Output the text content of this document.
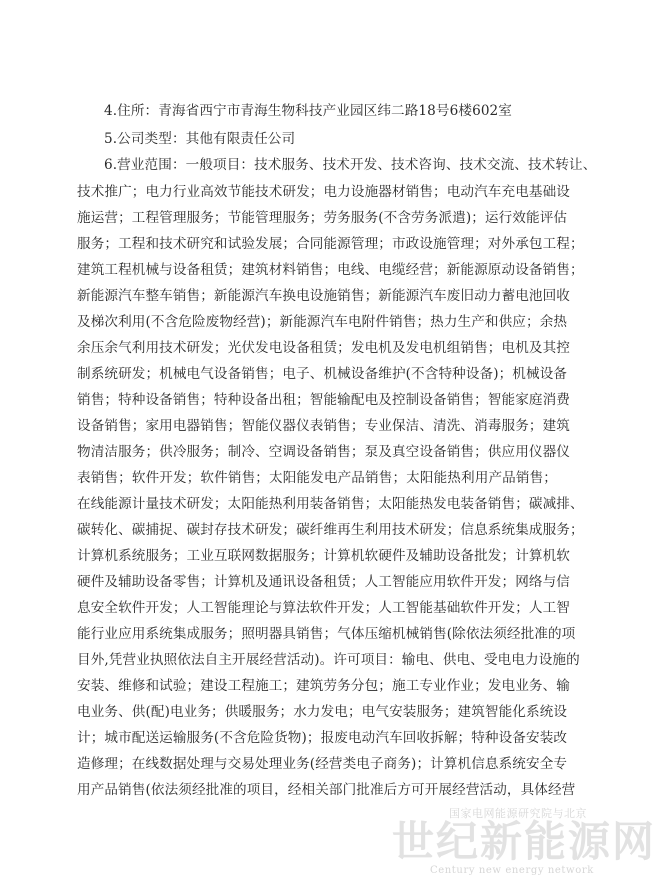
4.住所：青海省西宁市青海生物科技产业园区纬二路18号6楼602室
5.公司类型：其他有限责任公司
6.营业范围：一般项目：技术服务、技术开发、技术咨询、技术交流、技术转让、
技术推广；电力行业高效节能技术研发；电力设施器材销售；电动汽车充电基础设
施运营；工程管理服务；节能管理服务；劳务服务(不含劳务派遣)；运行效能评估
服务；工程和技术研究和试验发展；合同能源管理；市政设施管理；对外承包工程；
建筑工程机械与设备租赁；建筑材料销售；电线、电缆经营；新能源原动设备销售；
新能源汽车整车销售；新能源汽车换电设施销售；新能源汽车废旧动力蓄电池回收
及梯次利用(不含危险废物经营)；新能源汽车电附件销售；热力生产和供应；余热
余压余气利用技术研发；光伏发电设备租赁；发电机及发电机组销售；电机及其控
制系统研发；机械电气设备销售；电子、机械设备维护(不含特种设备)；机械设备
销售；特种设备销售；特种设备出租；智能输配电及控制设备销售；智能家庭消费
设备销售；家用电器销售；智能仪器仪表销售；专业保洁、清洗、消毒服务；建筑
物清洁服务；供冷服务；制冷、空调设备销售；泵及真空设备销售；供应用仪器仪
表销售；软件开发；软件销售；太阳能发电产品销售；太阳能热利用产品销售；
在线能源计量技术研发；太阳能热利用装备销售；太阳能热发电装备销售；碳减排、
碳转化、碳捕捉、碳封存技术研发；碳纤维再生利用技术研发；信息系统集成服务；
计算机系统服务；工业互联网数据服务；计算机软硬件及辅助设备批发；计算机软
硬件及辅助设备零售；计算机及通讯设备租赁；人工智能应用软件开发；网络与信
息安全软件开发；人工智能理论与算法软件开发；人工智能基础软件开发；人工智
能行业应用系统集成服务；照明器具销售；气体压缩机械销售(除依法须经批准的项
目外,凭营业执照依法自主开展经营活动)。许可项目：输电、供电、受电电力设施的
安装、维修和试验；建设工程施工；建筑劳务分包；施工专业作业；发电业务、输
电业务、供(配)电业务；供暖服务；水力发电；电气安装服务；建筑智能化系统设
计；城市配送运输服务(不含危险货物)；报废电动汽车回收拆解；特种设备安装改
造修理；在线数据处理与交易处理业务(经营类电子商务)；计算机信息系统安全专
用产品销售(依法须经批准的项目，经相关部门批准后方可开展经营活动，具体经营
国家电网能源研究院与北京
世纪新能源网
Century new energy network
